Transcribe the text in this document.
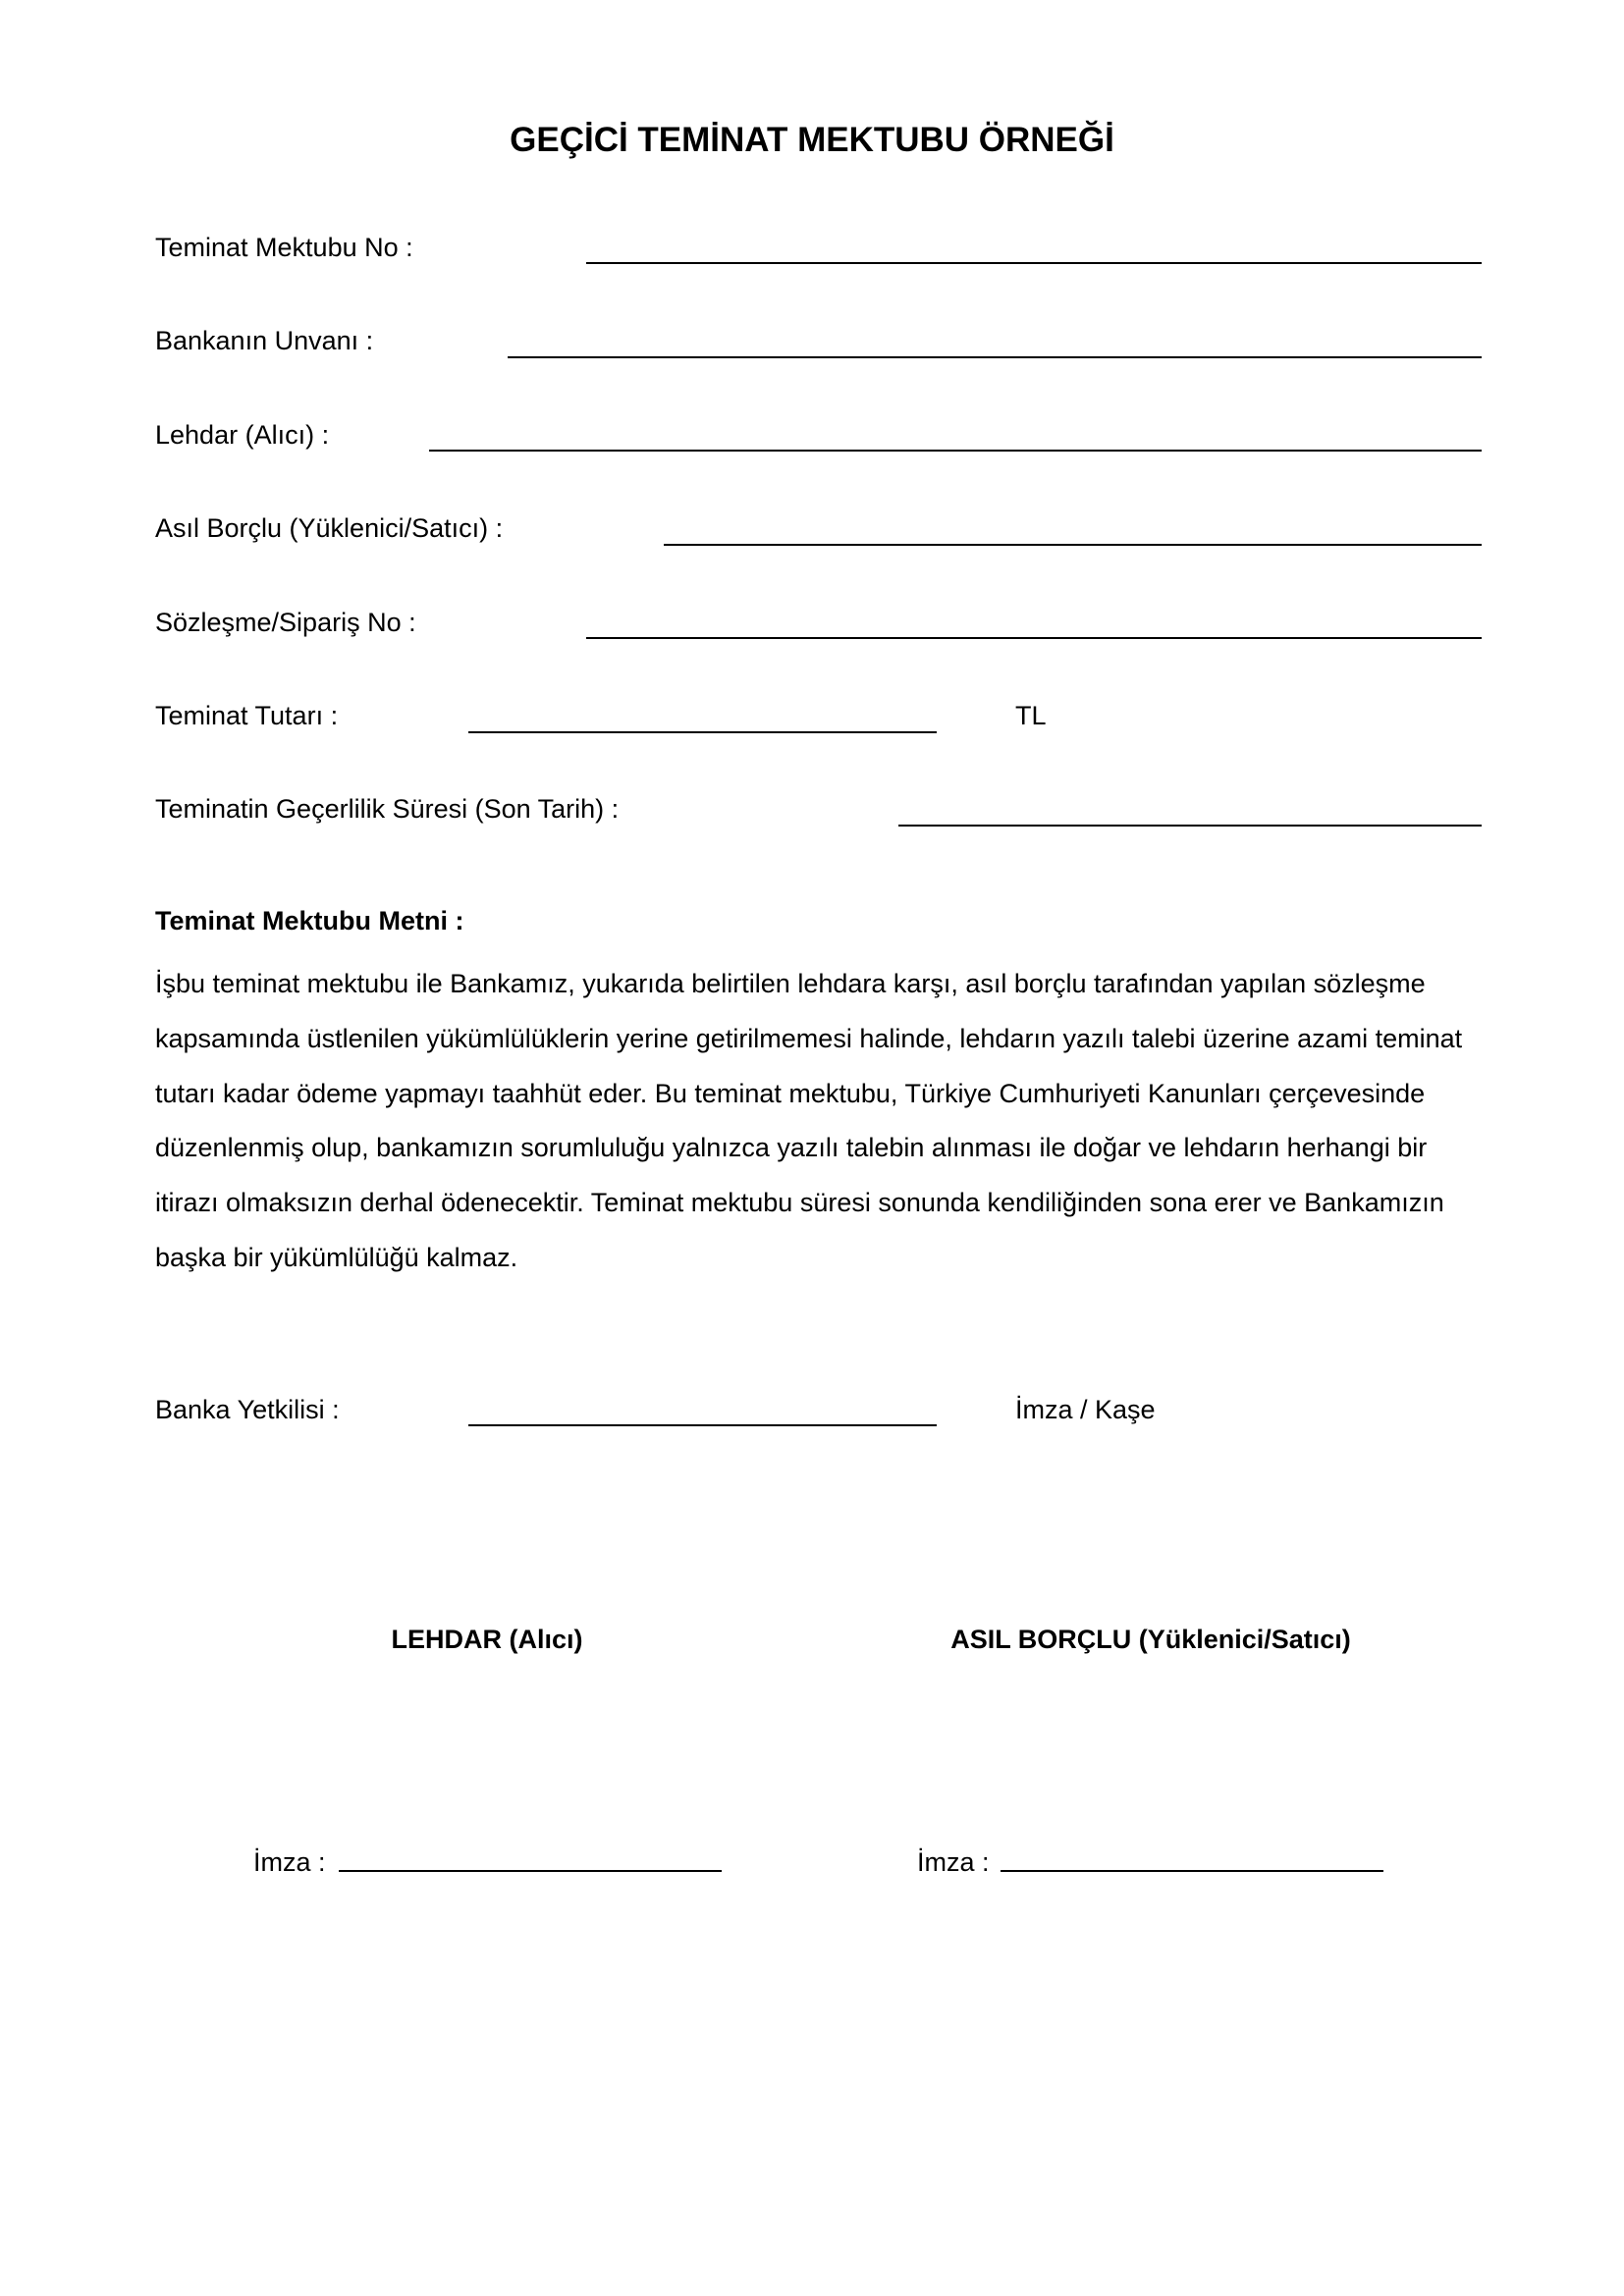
GEÇİCİ TEMİNAT MEKTUBU ÖRNEĞİ
Teminat Mektubu No :
Bankanın Unvanı :
Lehdar (Alıcı) :
Asıl Borçlu (Yüklenici/Satıcı) :
Sözleşme/Sipariş No :
Teminat Tutarı :	TL
Teminatin Geçerlilik Süresi (Son Tarih) :
Teminat Mektubu Metni :

İşbu teminat mektubu ile Bankamız, yukarıda belirtilen lehdara karşı, asıl borçlu tarafından yapılan sözleşme kapsamında üstlenilen yükümlülüklerin yerine getirilmemesi halinde, lehdarın yazılı talebi üzerine azami teminat tutarı kadar ödeme yapmayı taahhüt eder. Bu teminat mektubu, Türkiye Cumhuriyeti Kanunları çerçevesinde düzenlenmiş olup, bankamızın sorumluluğu yalnızca yazılı talebin alınması ile doğar ve lehdarın herhangi bir itirazı olmaksızın derhal ödenecektir. Teminat mektubu süresi sonunda kendiliğinden sona erer ve Bankamızın başka bir yükümlülüğü kalmaz.

Banka Yetkilisi :	İmza / Kaşe
LEHDAR (Alıcı)	ASIL BORÇLU (Yüklenici/Satıcı)
İmza :	İmza :
